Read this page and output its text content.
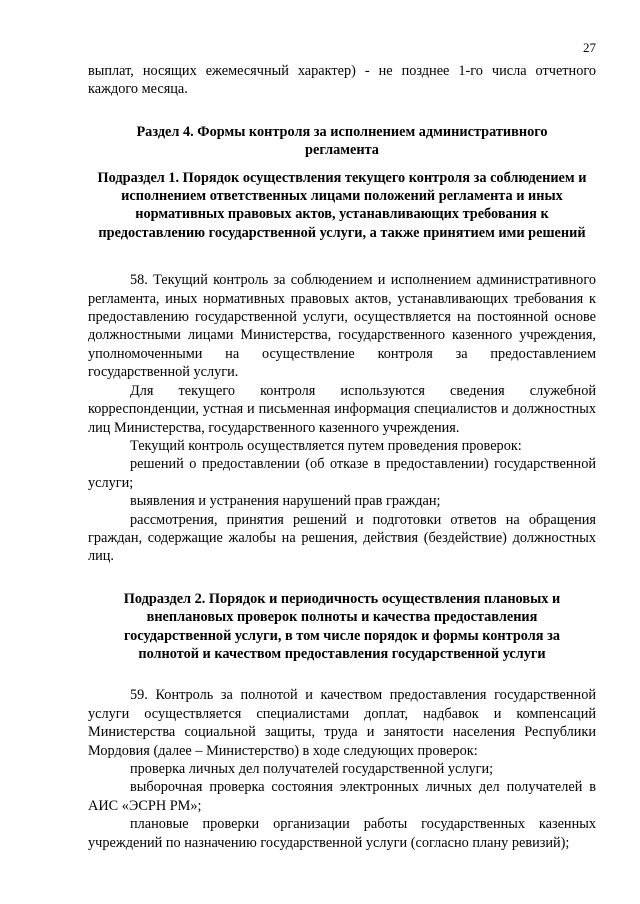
27

выплат, носящих ежемесячный характер) - не позднее 1-го числа отчетного каждого месяца.

Раздел 4. Формы контроля за исполнением административного регламента

Подраздел 1. Порядок осуществления текущего контроля за соблюдением и исполнением ответственных лицами положений регламента и иных нормативных правовых актов, устанавливающих требования к предоставлению государственной услуги, а также принятием ими решений

58. Текущий контроль за соблюдением и исполнением административного регламента, иных нормативных правовых актов, устанавливающих требования к предоставлению государственной услуги, осуществляется на постоянной основе должностными лицами Министерства, государственного казенного учреждения, уполномоченными на осуществление контроля за предоставлением государственной услуги.

Для текущего контроля используются сведения служебной корреспонденции, устная и письменная информация специалистов и должностных лиц Министерства, государственного казенного учреждения.

Текущий контроль осуществляется путем проведения проверок:

решений о предоставлении (об отказе в предоставлении) государственной услуги;

выявления и устранения нарушений прав граждан;

рассмотрения, принятия решений и подготовки ответов на обращения граждан, содержащие жалобы на решения, действия (бездействие) должностных лиц.

Подраздел 2. Порядок и периодичность осуществления плановых и внеплановых проверок полноты и качества предоставления государственной услуги, в том числе порядок и формы контроля за полнотой и качеством предоставления государственной услуги

59. Контроль за полнотой и качеством предоставления государственной услуги осуществляется специалистами доплат, надбавок и компенсаций Министерства социальной защиты, труда и занятости населения Республики Мордовия (далее – Министерство) в ходе следующих проверок:

проверка личных дел получателей государственной услуги;

выборочная проверка состояния электронных личных дел получателей в АИС «ЭСРН РМ»;

плановые проверки организации работы государственных казенных учреждений по назначению государственной услуги (согласно плану ревизий);
